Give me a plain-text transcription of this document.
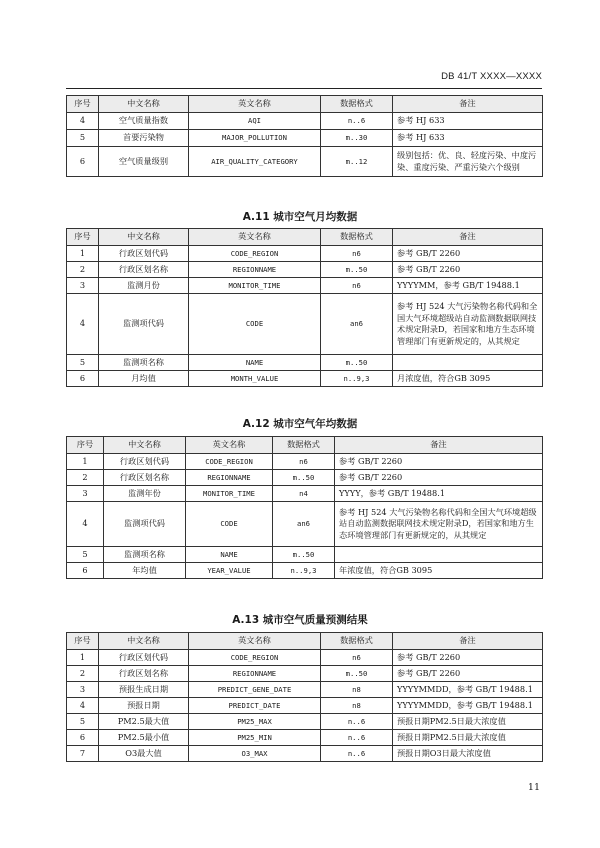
DB 41/T XXXX—XXXX
序号	中文名称	英文名称	数据格式	备注
4	空气质量指数	AQI	n..6	参考 HJ 633
5	首要污染物	MAJOR_POLLUTION	m..30	参考 HJ 633
6	空气质量级别	AIR_QUALITY_CATEGORY	m..12	级别包括：优、良、轻度污染、中度污染、重度污染、严重污染六个级别
A.11 城市空气月均数据
序号	中文名称	英文名称	数据格式	备注
1	行政区划代码	CODE_REGION	n6	参考 GB/T 2260
2	行政区划名称	REGIONNAME	m..50	参考 GB/T 2260
3	监测月份	MONITOR_TIME	n6	YYYYMM，参考 GB/T 19488.1
4	监测项代码	CODE	an6	参考 HJ 524 大气污染物名称代码和全国大气环境超级站自动监测数据联网技术规定附录D，若国家和地方生态环境管理部门有更新规定的，从其规定
5	监测项名称	NAME	m..50	
6	月均值	MONTH_VALUE	n..9,3	月浓度值，符合GB 3095
A.12 城市空气年均数据
序号	中文名称	英文名称	数据格式	备注
1	行政区划代码	CODE_REGION	n6	参考 GB/T 2260
2	行政区划名称	REGIONNAME	m..50	参考 GB/T 2260
3	监测年份	MONITOR_TIME	n4	YYYY，参考 GB/T 19488.1
4	监测项代码	CODE	an6	参考 HJ 524 大气污染物名称代码和全国大气环境超级站自动监测数据联网技术规定附录D，若国家和地方生态环境管理部门有更新规定的，从其规定
5	监测项名称	NAME	m..50	
6	年均值	YEAR_VALUE	n..9,3	年浓度值，符合GB 3095
A.13 城市空气质量预测结果
序号	中文名称	英文名称	数据格式	备注
1	行政区划代码	CODE_REGION	n6	参考 GB/T 2260
2	行政区划名称	REGIONNAME	m..50	参考 GB/T 2260
3	预报生成日期	PREDICT_GENE_DATE	n8	YYYYMMDD，参考 GB/T 19488.1
4	预报日期	PREDICT_DATE	n8	YYYYMMDD，参考 GB/T 19488.1
5	PM2.5最大值	PM25_MAX	n..6	预报日期PM2.5日最大浓度值
6	PM2.5最小值	PM25_MIN	n..6	预报日期PM2.5日最大浓度值
7	O3最大值	O3_MAX	n..6	预报日期O3日最大浓度值
11
